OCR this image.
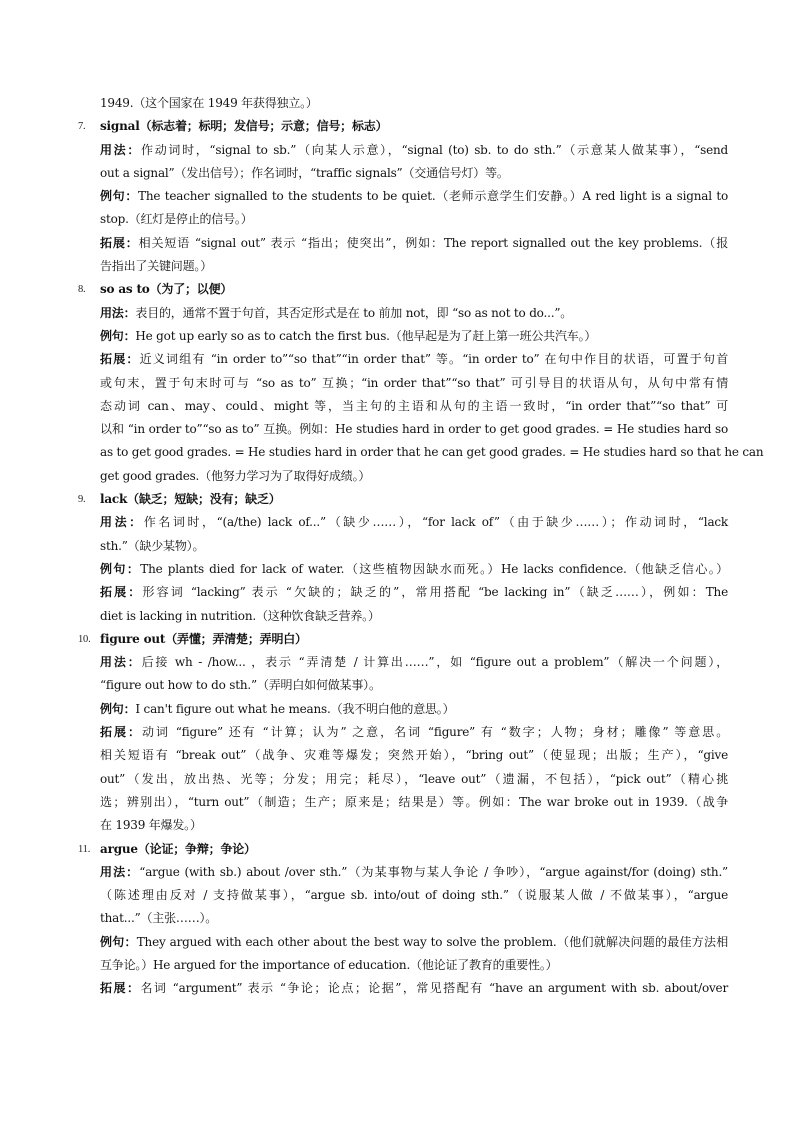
1949.（这个国家在 1949 年获得独立。）
7. signal（标志着；标明；发信号；示意；信号；标志）
用法：作动词时，“signal to sb.”（向某人示意），“signal (to) sb. to do sth.”（示意某人做某事），“send
out a signal”（发出信号）；作名词时，“traffic signals”（交通信号灯）等。
例句：The teacher signalled to the students to be quiet.（老师示意学生们安静。）A red light is a signal to
stop.（红灯是停止的信号。）
拓展：相关短语 “signal out” 表示 “指出；使突出”，例如：The report signalled out the key problems.（报
告指出了关键问题。）
8. so as to（为了；以便）
用法：表目的，通常不置于句首，其否定形式是在 to 前加 not，即 “so as not to do...”。
例句：He got up early so as to catch the first bus.（他早起是为了赶上第一班公共汽车。）
拓展：近义词组有 “in order to”“so that”“in order that” 等。“in order to” 在句中作目的状语，可置于句首
或句末，置于句末时可与 “so as to” 互换；“in order that”“so that” 可引导目的状语从句，从句中常有情
态动词 can、may、could、might 等，当主句的主语和从句的主语一致时，“in order that”“so that” 可
以和 “in order to”“so as to” 互换。例如：He studies hard in order to get good grades. = He studies hard so
as to get good grades. = He studies hard in order that he can get good grades. = He studies hard so that he can
get good grades.（他努力学习为了取得好成绩。）
9. lack（缺乏；短缺；没有；缺乏）
用法：作名词时，“(a/the) lack of...”（缺少……），“for lack of”（由于缺少……）；作动词时，“lack
sth.”（缺少某物）。
例句：The plants died for lack of water.（这些植物因缺水而死。）He lacks confidence.（他缺乏信心。）
拓展：形容词 “lacking” 表示 “欠缺的；缺乏的”，常用搭配 “be lacking in”（缺乏……），例如：The
diet is lacking in nutrition.（这种饮食缺乏营养。）
10. figure out（弄懂；弄清楚；弄明白）
用法：后接 wh - /how... ，表示 “弄清楚 / 计算出……”，如 “figure out a problem”（解决一个问题），
“figure out how to do sth.”（弄明白如何做某事）。
例句：I can't figure out what he means.（我不明白他的意思。）
拓展：动词 “figure” 还有 “计算；认为” 之意，名词 “figure” 有 “数字；人物；身材；雕像” 等意思。
相关短语有 “break out”（战争、灾难等爆发；突然开始），“bring out”（使显现；出版；生产），“give
out”（发出，放出热、光等；分发；用完；耗尽），“leave out”（遗漏，不包括），“pick out”（精心挑
选；辨别出），“turn out”（制造；生产；原来是；结果是）等。例如：The war broke out in 1939.（战争
在 1939 年爆发。）
11. argue（论证；争辩；争论）
用法：“argue (with sb.) about /over sth.”（为某事物与某人争论 / 争吵），“argue against/for (doing) sth.”
（陈述理由反对 / 支持做某事），“argue sb. into/out of doing sth.”（说服某人做 / 不做某事），“argue
that...”（主张……）。
例句：They argued with each other about the best way to solve the problem.（他们就解决问题的最佳方法相
互争论。）He argued for the importance of education.（他论证了教育的重要性。）
拓展：名词 “argument” 表示 “争论；论点；论据”，常见搭配有 “have an argument with sb. about/over
